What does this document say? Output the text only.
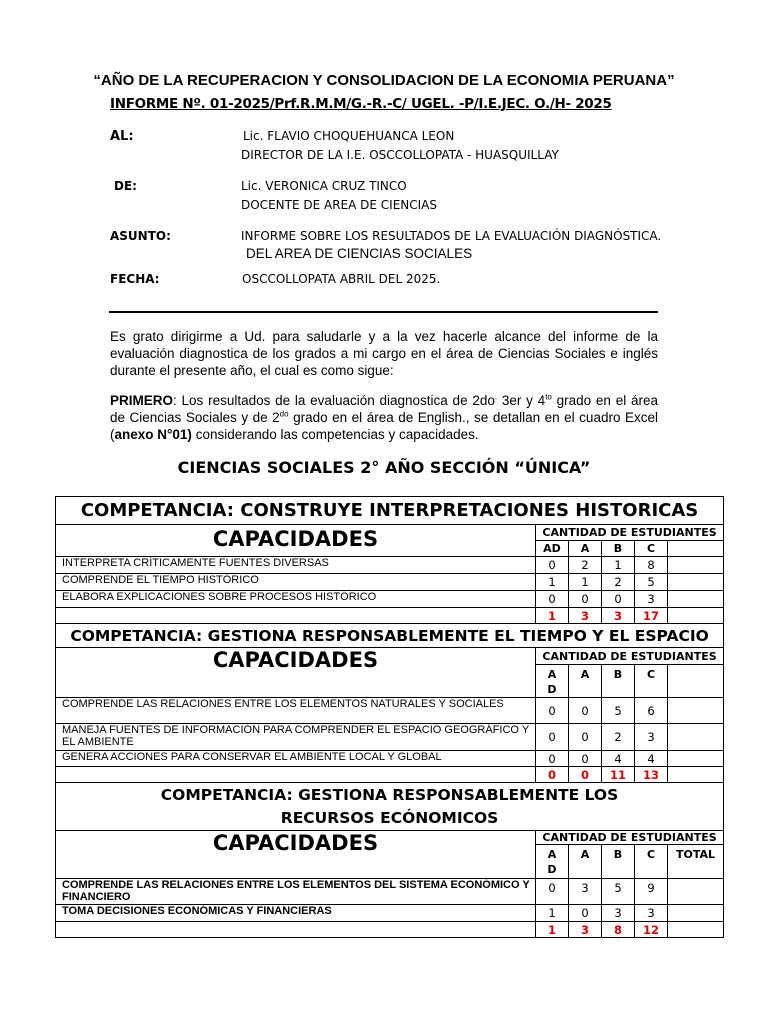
“AÑO DE LA RECUPERACION Y CONSOLIDACION DE LA ECONOMIA PERUANA”
INFORME Nº. 01-2025/Prf.R.M.M/G.-R.-C/ UGEL. -P/I.E.JEC. O./H- 2025
AL:	Lic. FLAVIO CHOQUEHUANCA LEON
DIRECTOR DE LA I.E. OSCCOLLOPATA - HUASQUILLAY
DE:	Lic. VERONICA CRUZ TINCO
DOCENTE DE AREA DE CIENCIAS
ASUNTO:	INFORME SOBRE LOS RESULTADOS DE LA EVALUACIÓN DIAGNÓSTICA.
DEL AREA DE CIENCIAS SOCIALES
FECHA:	OSCCOLLOPATA ABRIL DEL 2025.
Es grato dirigirme a Ud. para saludarle y a la vez hacerle alcance del informe de la evaluación diagnostica de los grados a mi cargo en el área de Ciencias Sociales e inglés durante el presente año, el cual es como sigue:
PRIMERO: Los resultados de la evaluación diagnostica de 2do. 3er y $4^{to}$ grado en el área de Ciencias Sociales y de $2^{do}$ grado en el área de English., se detallan en el cuadro Excel (anexo N°01) considerando las competencias y capacidades.
CIENCIAS SOCIALES 2° AÑO SECCIÓN “ÚNICA”
COMPETANCIA: CONSTRUYE INTERPRETACIONES HISTORICAS					
CAPACIDADES	CANTIDAD DE ESTUDIANTES				
	AD	A	B	C	
INTERPRETA CRÍTICAMENTE FUENTES DIVERSAS	0	2	1	8	
COMPRENDE EL TIEMPO HISTÓRICO	1	1	2	5	
ELABORA EXPLICACIONES SOBRE PROCESOS HISTÓRICO	0	0	0	3	
	1	3	3	17	
COMPETANCIA: GESTIONA RESPONSABLEMENTE EL TIEMPO Y EL ESPACIO					
CAPACIDADES	CANTIDAD DE ESTUDIANTES				
	A
D	A	B	C	
COMPRENDE LAS RELACIONES ENTRE LOS ELEMENTOS NATURALES Y SOCIALES	0	0	5	6	
MANEJA FUENTES DE INFORMACIÓN PARA COMPRENDER EL ESPACIO GEOGRÁFICO Y EL AMBIENTE	0	0	2	3	
GENERA ACCIONES PARA CONSERVAR EL AMBIENTE LOCAL Y GLOBAL	0	0	4	4	
	0	0	11	13	
COMPETANCIA: GESTIONA RESPONSABLEMENTE LOS RECURSOS ECÓNOMICOS					
CAPACIDADES	CANTIDAD DE ESTUDIANTES				
	A
D	A	B	C	TOTAL
COMPRENDE LAS RELACIONES ENTRE LOS ELEMENTOS DEL SISTEMA ECONÓMICO Y FINANCIERO	0	3	5	9	
TOMA DECISIONES ECONÓMICAS Y FINANCIERAS	1	0	3	3	
	1	3	8	12	
